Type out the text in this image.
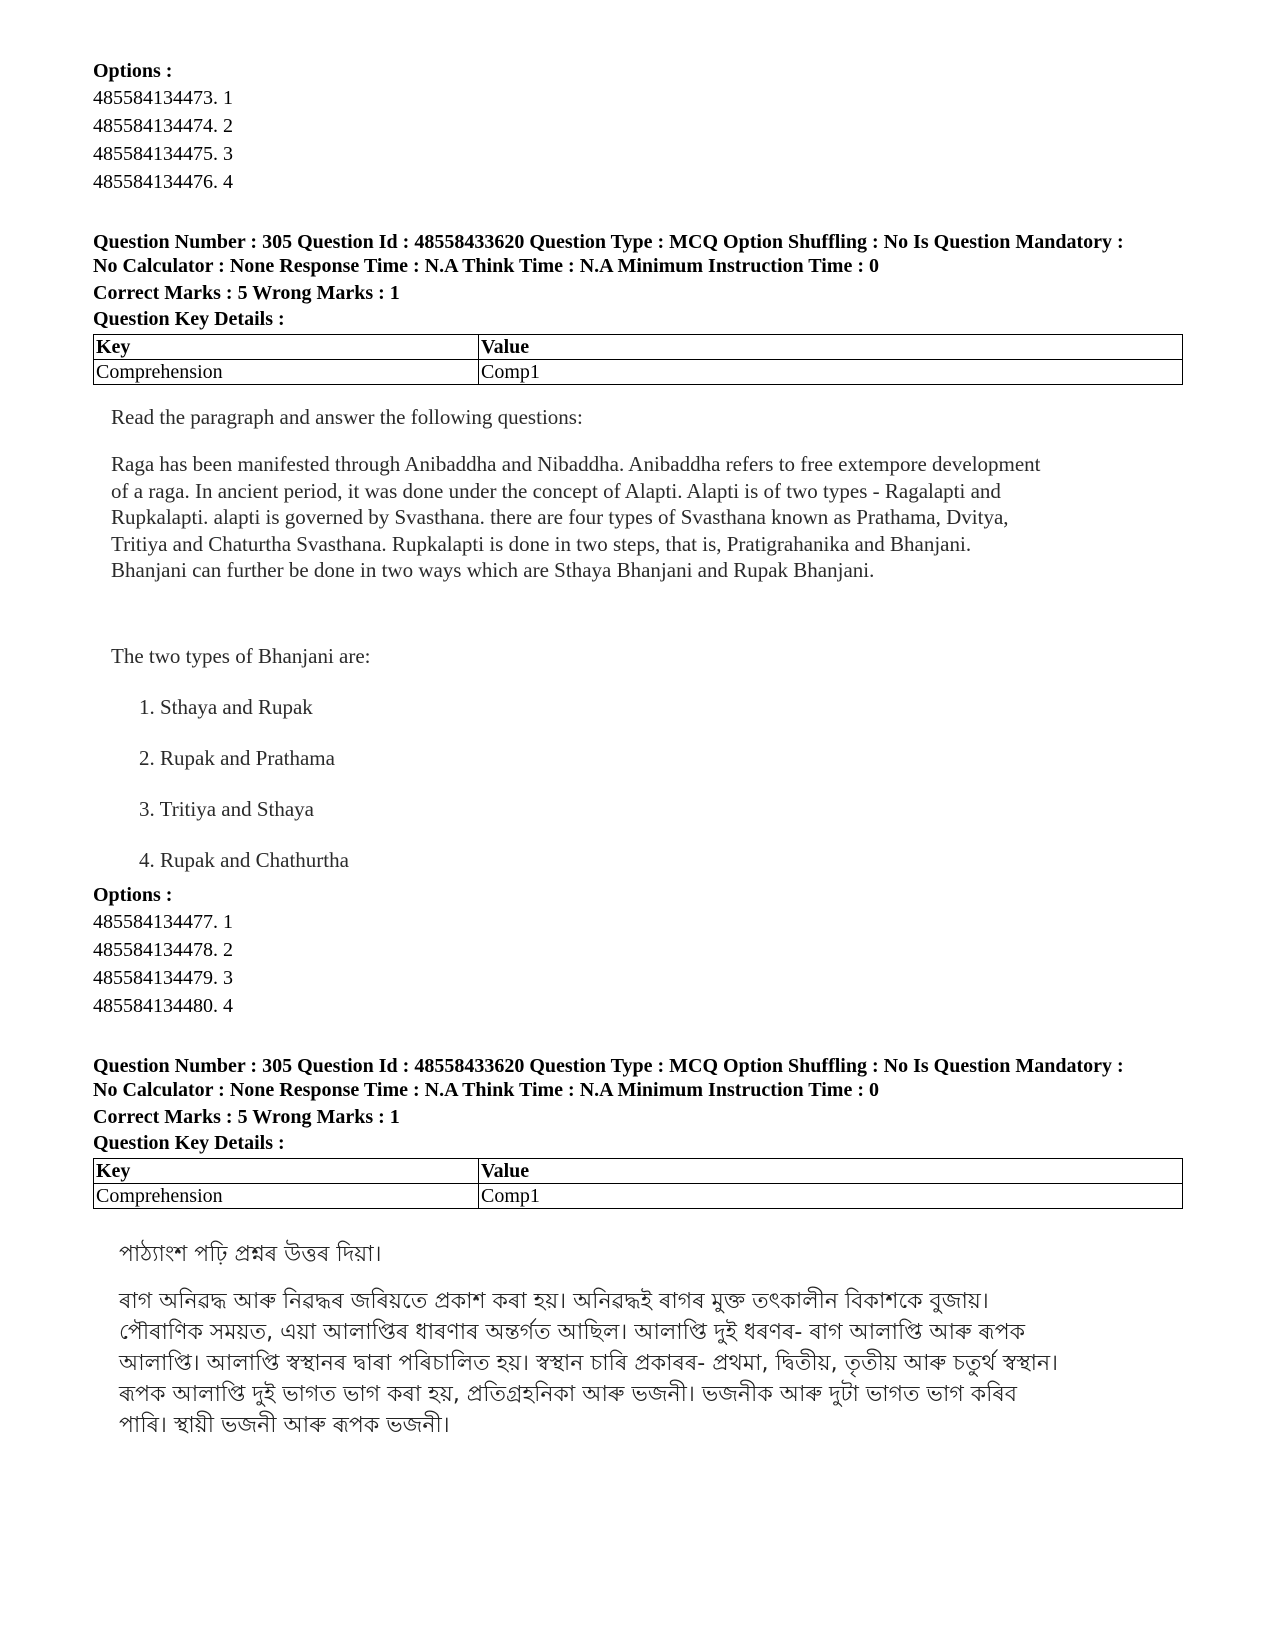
Options :
485584134473. 1
485584134474. 2
485584134475. 3
485584134476. 4
Question Number : 305 Question Id : 48558433620 Question Type : MCQ Option Shuffling : No Is Question Mandatory :
No Calculator : None Response Time : N.A Think Time : N.A Minimum Instruction Time : 0
Correct Marks : 5 Wrong Marks : 1
Question Key Details :
Key	Value
Comprehension	Comp1

Read the paragraph and answer the following questions:

Raga has been manifested through Anibaddha and Nibaddha. Anibaddha refers to free extempore development

of a raga. In ancient period, it was done under the concept of Alapti. Alapti is of two types - Ragalapti and

Rupkalapti. alapti is governed by Svasthana. there are four types of Svasthana known as Prathama, Dvitya,

Tritiya and Chaturtha Svasthana. Rupkalapti is done in two steps, that is, Pratigrahanika and Bhanjani.

Bhanjani can further be done in two ways which are Sthaya Bhanjani and Rupak Bhanjani.

The two types of Bhanjani are:

1. Sthaya and Rupak

2. Rupak and Prathama

3. Tritiya and Sthaya

4. Rupak and Chathurtha

Options :
485584134477. 1
485584134478. 2
485584134479. 3
485584134480. 4
Question Number : 305 Question Id : 48558433620 Question Type : MCQ Option Shuffling : No Is Question Mandatory :
No Calculator : None Response Time : N.A Think Time : N.A Minimum Instruction Time : 0
Correct Marks : 5 Wrong Marks : 1
Question Key Details :
Key	Value
Comprehension	Comp1

পাঠ্যাংশ পঢ়ি প্ৰশ্নৰ উত্তৰ দিয়া।

ৰাগ অনিৱদ্ধ আৰু নিৱদ্ধৰ জৰিয়তে প্ৰকাশ কৰা হয়। অনিৱদ্ধই ৰাগৰ মুক্ত তৎকালীন বিকাশকে বুজায়।

পৌৰাণিক সময়ত, এয়া আলাপ্তিৰ ধাৰণাৰ অন্তৰ্গত আছিল। আলাপ্তি দুই ধৰণৰ- ৰাগ আলাপ্তি আৰু ৰূপক

আলাপ্তি। আলাপ্তি স্বস্থানৰ দ্বাৰা পৰিচালিত হয়। স্বস্থান চাৰি প্ৰকাৰৰ- প্ৰথমা, দ্বিতীয়, তৃতীয় আৰু চতুৰ্থ স্বস্থান।

ৰূপক আলাপ্তি দুই ভাগত ভাগ কৰা হয়, প্ৰতিগ্ৰহনিকা আৰু ভজনী। ভজনীক আৰু দুটা ভাগত ভাগ কৰিব

পাৰি। স্থায়ী ভজনী আৰু ৰূপক ভজনী।
